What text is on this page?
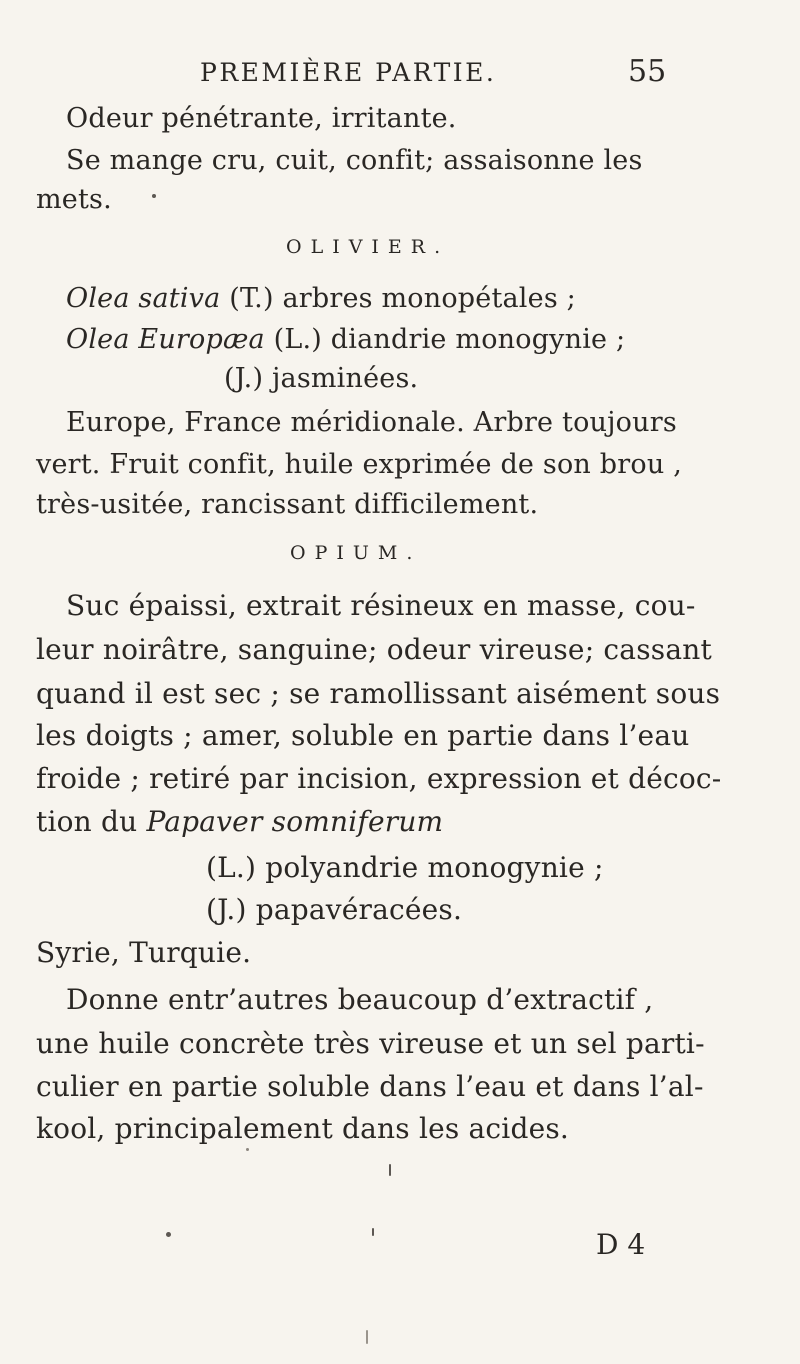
PREMIÈRE PARTIE.	55
Odeur pénétrante, irritante.
Se mange cru, cuit, confit; assaisonne les
mets.
OLIVIER.
Olea sativa (T.) arbres monopétales ;
Olea Europæa (L.) diandrie monogynie ;
(J.) jasminées.
Europe, France méridionale. Arbre toujours
vert. Fruit confit, huile exprimée de son brou ,
très-usitée, rancissant difficilement.
OPIUM.
Suc épaissi, extrait résineux en masse, cou-
leur noirâtre, sanguine; odeur vireuse; cassant
quand il est sec ; se ramollissant aisément sous
les doigts ; amer, soluble en partie dans l’eau
froide ; retiré par incision, expression et décoc-
tion du Papaver somniferum
(L.) polyandrie monogynie ;
(J.) papavéracées.
Syrie, Turquie.
Donne entr’autres beaucoup d’extractif ,
une huile concrète très vireuse et un sel parti-
culier en partie soluble dans l’eau et dans l’al-
kool, principalement dans les acides.
D 4
